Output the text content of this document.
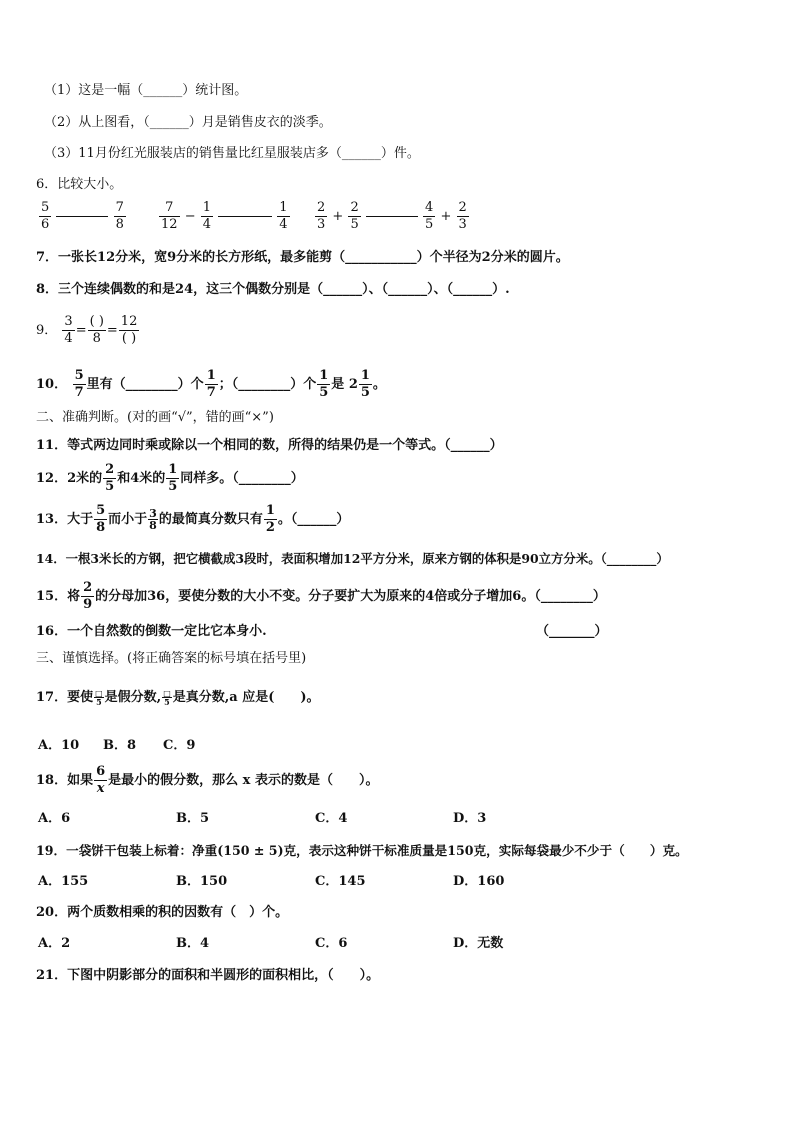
（1）这是一幅（______）统计图。
（2）从上图看，（______）月是销售皮衣的淡季。
（3）11月份红光服装店的销售量比红星服装店多（______）件。
6．比较大小。
$\frac{5}{6}$
	$\frac{7}{8}$	$\frac{7}{12} - \frac{1}{4}$
	$\frac{1}{4} \frac{2}{3} + \frac{2}{5}$
	$\frac{4}{5} + \frac{2}{3}$
7．一张长12分米，宽9分米的长方形纸，最多能剪（___________）个半径为2分米的圆片。
8．三个连续偶数的和是24，这三个偶数分别是（______）、（______）、（______）.
9． $\frac{3}{4} = \frac{( )}{8} = \frac{12}{( )}$
10． $\frac{5}{7}$ 里有（________）个 $\frac{1}{7}$ ；（________）个 $\frac{1}{5}$ 是 $2 \frac{1}{5}$ 。
二、准确判断。(对的画“√”，错的画“×”)
11．等式两边同时乘或除以一个相同的数，所得的结果仍是一个等式。（______）
12．2米的 $\frac{2}{5}$ 和4米的 $\frac{1}{5}$ 同样多。（________）
13．大于 $\frac{5}{8}$ 而小于 $\frac{3}{8}$ 的最简真分数只有 $\frac{1}{2}$ 。（______）
14．一根3米长的方钢，把它横截成3段时，表面积增加12平方分米，原来方钢的体积是90立方分米。（________）
15．将 $\frac{2}{9}$ 的分母加36，要使分数的大小不变。分子要扩大为原来的4倍或分子增加6。（________）
16．一个自然数的倒数一定比它本身小.	（_______）
三、谨慎选择。(将正确答案的标号填在括号里)
17．要使 $\frac{□}{5}$ 是假分数, $\frac{□}{5}$ 是真分数,a 应是(　　)。
A．10 B．8 C．9
18．如果 $\frac{6}{x}$ 是最小的假分数，那么 x 表示的数是（　　）。
A．6	B．5	C．4	D．3
19．一袋饼干包装上标着：净重(150 ± 5)克，表示这种饼干标准质量是150克，实际每袋最少不少于（　　）克。
A．155	B．150	C．145	D．160
20．两个质数相乘的积的因数有（　）个。
A．2	B．4	C．6	D．无数
21．下图中阴影部分的面积和半圆形的面积相比，（　　）。
